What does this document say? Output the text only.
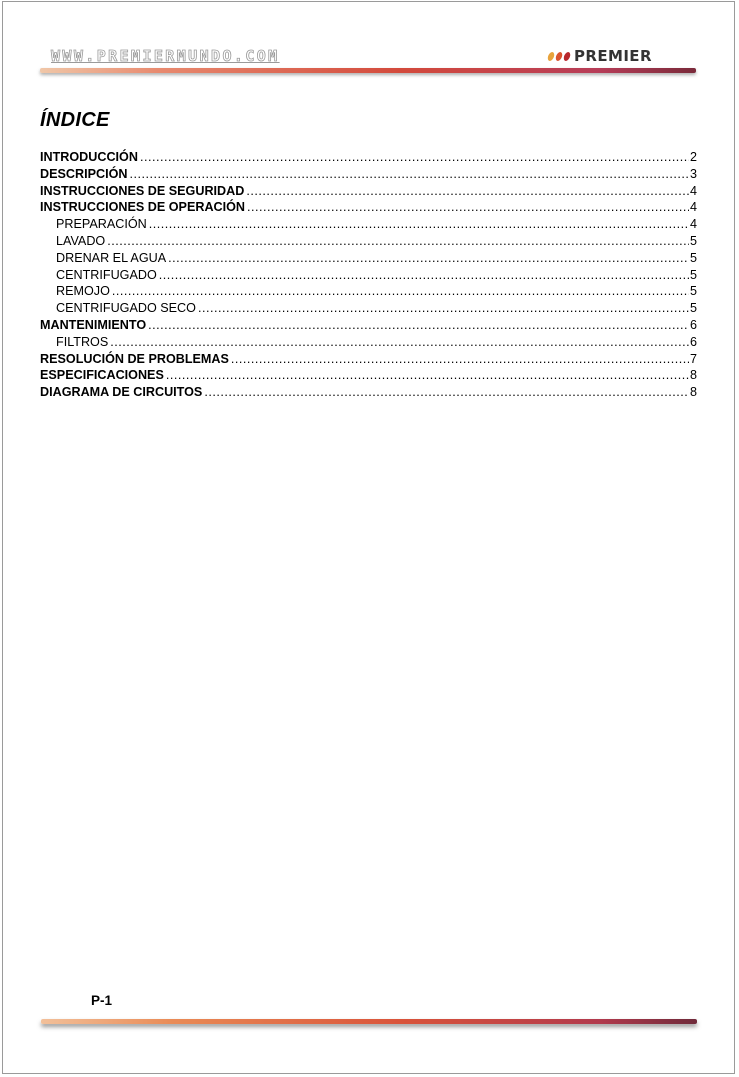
WWW.PREMIERMUNDO.COM	PREMIER
ÍNDICE
INTRODUCCIÓN .....	2
DESCRIPCIÓN .....	3
INSTRUCCIONES DE SEGURIDAD .....	4
INSTRUCCIONES DE OPERACIÓN .....	4
PREPARACIÓN .....	4
LAVADO .....	5
DRENAR EL AGUA .....	5
CENTRIFUGADO .....	5
REMOJO .....	5
CENTRIFUGADO SECO .....	5
MANTENIMIENTO .....	6
FILTROS .....	6
RESOLUCIÓN DE PROBLEMAS .....	7
ESPECIFICACIONES .....	8
DIAGRAMA DE CIRCUITOS .....	8
P-1
